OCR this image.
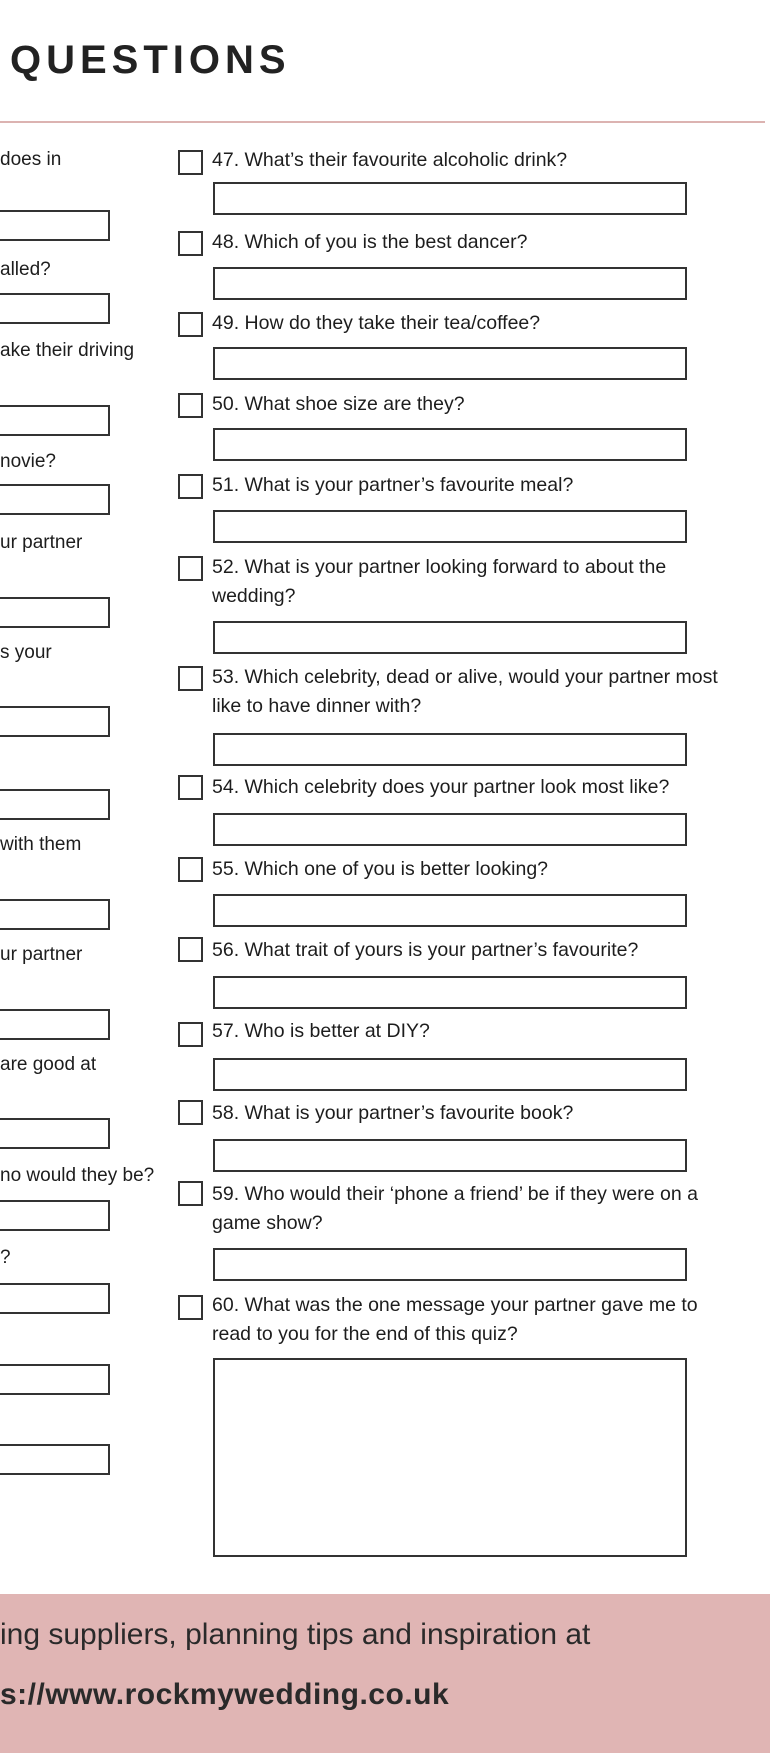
QUESTIONS
does in
alled?
ake their driving
novie?
ur partner
s your
with them
ur partner
are good at
no would they be?
?
47. What’s their favourite alcoholic drink?
48. Which of you is the best dancer?
49. How do they take their tea/coffee?
50. What shoe size are they?
51. What is your partner’s favourite meal?
52. What is your partner looking forward to about the wedding?
53. Which celebrity, dead or alive, would your partner most like to have dinner with?
54. Which celebrity does your partner look most like?
55. Which one of you is better looking?
56. What trait of yours is your partner’s favourite?
57. Who is better at DIY?
58. What is your partner’s favourite book?
59. Who would their ‘phone a friend’ be if they were on a game show?
60. What was the one message your partner gave me to read to you for the end of this quiz?
ing suppliers, planning tips and inspiration at
s://www.rockmywedding.co.uk
